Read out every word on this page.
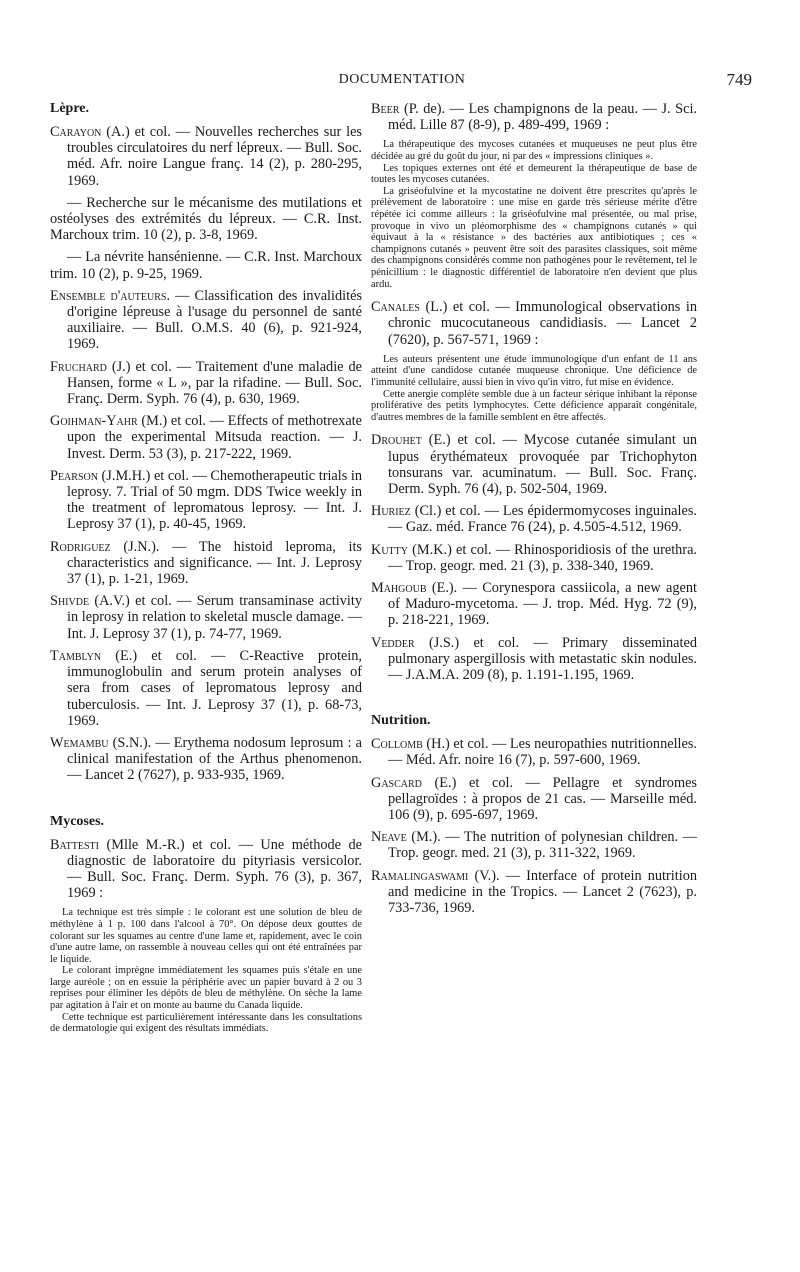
DOCUMENTATION	749
Lèpre.

Carayon (A.) et col. — Nouvelles recherches sur les troubles circulatoires du nerf lépreux. — Bull. Soc. méd. Afr. noire Langue franç. 14 (2), p. 280-295, 1969.

— Recherche sur le mécanisme des mutilations et ostéolyses des extrémités du lépreux. — C.R. Inst. Marchoux trim. 10 (2), p. 3-8, 1969.

— La névrite hansénienne. — C.R. Inst. Marchoux trim. 10 (2), p. 9-25, 1969.

Ensemble d'auteurs. — Classification des invalidités d'origine lépreuse à l'usage du personnel de santé auxiliaire. — Bull. O.M.S. 40 (6), p. 921-924, 1969.

Fruchard (J.) et col. — Traitement d'une maladie de Hansen, forme « L », par la rifadine. — Bull. Soc. Franç. Derm. Syph. 76 (4), p. 630, 1969.

Goihman-Yahr (M.) et col. — Effects of methotrexate upon the experimental Mitsuda reaction. — J. Invest. Derm. 53 (3), p. 217-222, 1969.

Pearson (J.M.H.) et col. — Chemotherapeutic trials in leprosy. 7. Trial of 50 mgm. DDS Twice weekly in the treatment of lepromatous leprosy. — Int. J. Leprosy 37 (1), p. 40-45, 1969.

Rodriguez (J.N.). — The histoid leproma, its characteristics and significance. — Int. J. Leprosy 37 (1), p. 1-21, 1969.

Shivde (A.V.) et col. — Serum transaminase activity in leprosy in relation to skeletal muscle damage. — Int. J. Leprosy 37 (1), p. 74-77, 1969.

Tamblyn (E.) et col. — C-Reactive protein, immunoglobulin and serum protein analyses of sera from cases of lepromatous leprosy and tuberculosis. — Int. J. Leprosy 37 (1), p. 68-73, 1969.

Wemambu (S.N.). — Erythema nodosum leprosum : a clinical manifestation of the Arthus phenomenon. — Lancet 2 (7627), p. 933-935, 1969.

Mycoses.

Battesti (Mlle M.-R.) et col. — Une méthode de diagnostic de laboratoire du pityriasis versicolor. — Bull. Soc. Franç. Derm. Syph. 76 (3), p. 367, 1969 :

La technique est très simple : le colorant est une solution de bleu de méthylène à 1 p. 100 dans l'alcool à 70°. On dépose deux gouttes de colorant sur les squames au centre d'une lame et, rapidement, avec le coin d'une autre lame, on rassemble à nouveau celles qui ont été entraînées par le liquide.

Le colorant imprègne immédiatement les squames puis s'étale en une large auréole ; on en essuie la périphérie avec un papier buvard à 2 ou 3 reprises pour éliminer les dépôts de bleu de méthylène. On sèche la lame par agitation à l'air et on monte au baume du Canada liquide.

Cette technique est particulièrement intéressante dans les consultations de dermatologie qui exigent des résultats immédiats.

Beer (P. de). — Les champignons de la peau. — J. Sci. méd. Lille 87 (8-9), p. 489-499, 1969 :

La thérapeutique des mycoses cutanées et muqueuses ne peut plus être décidée au gré du goût du jour, ni par des « impressions cliniques ».

Les topiques externes ont été et demeurent la thérapeutique de base de toutes les mycoses cutanées.

La griséofulvine et la mycostatine ne doivent être prescrites qu'après le prélèvement de laboratoire : une mise en garde très sérieuse mérite d'être répétée ici comme ailleurs : la griséofulvine mal présentée, ou mal prise, provoque in vivo un pléomorphisme des « champignons cutanés » qui équivaut à la « résistance » des bactéries aux antibiotiques ; ces « champignons cutanés » peuvent être soit des parasites classiques, soit même des champignons considérés comme non pathogènes pour le revêtement, tel le pénicillium : le diagnostic différentiel de laboratoire n'en devient que plus ardu.

Canales (L.) et col. — Immunological observations in chronic mucocutaneous candidiasis. — Lancet 2 (7620), p. 567-571, 1969 :

Les auteurs présentent une étude immunologique d'un enfant de 11 ans atteint d'une candidose cutanée muqueuse chronique. Une déficience de l'immunité cellulaire, aussi bien in vivo qu'in vitro, fut mise en évidence.

Cette anergie complète semble due à un facteur sérique inhibant la réponse proliférative des petits lymphocytes. Cette déficience apparaît congénitale, d'autres membres de la famille semblent en être affectés.

Drouhet (E.) et col. — Mycose cutanée simulant un lupus érythémateux provoquée par Trichophyton tonsurans var. acuminatum. — Bull. Soc. Franç. Derm. Syph. 76 (4), p. 502-504, 1969.

Huriez (Cl.) et col. — Les épidermomycoses inguinales. — Gaz. méd. France 76 (24), p. 4.505-4.512, 1969.

Kutty (M.K.) et col. — Rhinosporidiosis of the urethra. — Trop. geogr. med. 21 (3), p. 338-340, 1969.

Mahgoub (E.). — Corynespora cassiicola, a new agent of Maduro-mycetoma. — J. trop. Méd. Hyg. 72 (9), p. 218-221, 1969.

Vedder (J.S.) et col. — Primary disseminated pulmonary aspergillosis with metastatic skin nodules. — J.A.M.A. 209 (8), p. 1.191-1.195, 1969.

Nutrition.

Collomb (H.) et col. — Les neuropathies nutritionnelles. — Méd. Afr. noire 16 (7), p. 597-600, 1969.

Gascard (E.) et col. — Pellagre et syndromes pellagroïdes : à propos de 21 cas. — Marseille méd. 106 (9), p. 695-697, 1969.

Neave (M.). — The nutrition of polynesian children. — Trop. geogr. med. 21 (3), p. 311-322, 1969.

Ramalingaswami (V.). — Interface of protein nutrition and medicine in the Tropics. — Lancet 2 (7623), p. 733-736, 1969.
